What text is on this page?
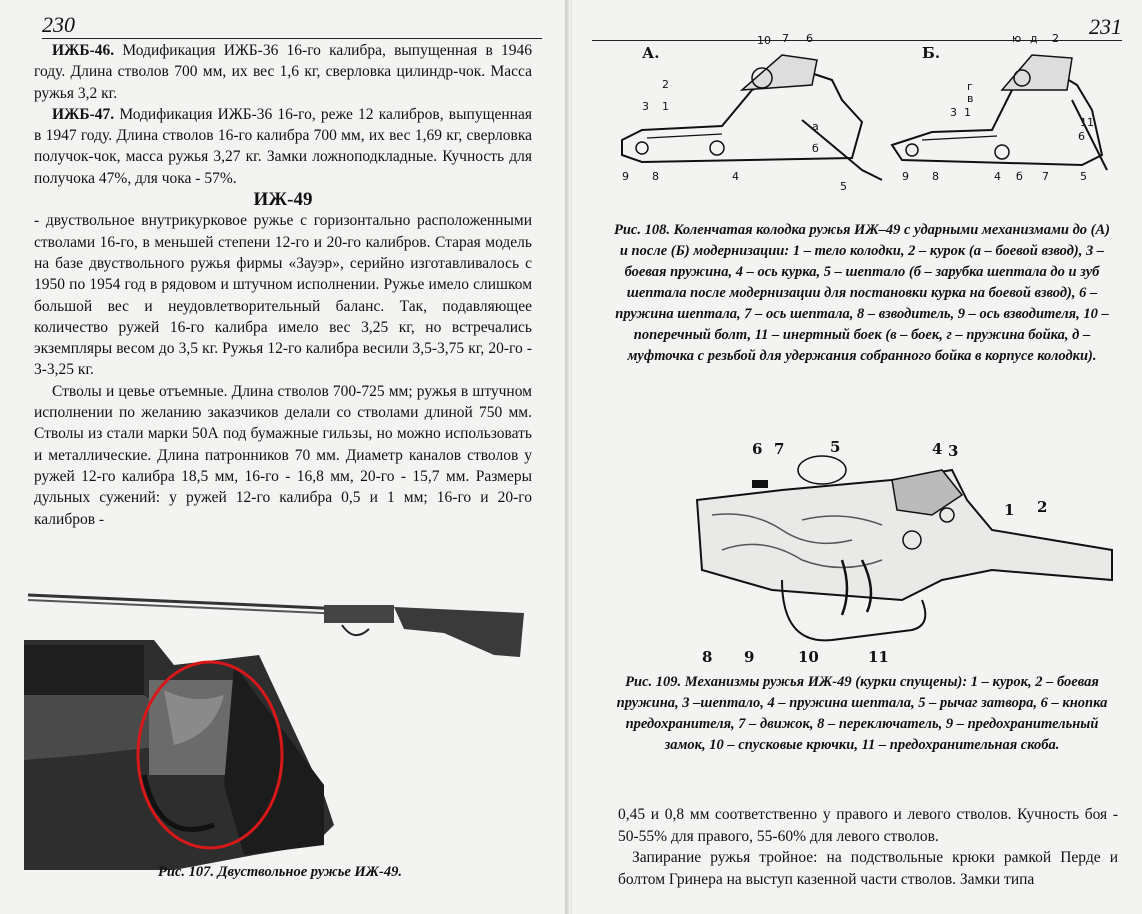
230

ИЖБ-46. Модификация ИЖБ-36 16-го калибра, выпущенная в 1946 году. Длина стволов 700 мм, их вес 1,6 кг, сверловка цилиндр-чок. Масса ружья 3,2 кг.

ИЖБ-47. Модификация ИЖБ-36 16-го, реже 12 калибров, выпущенная в 1947 году. Длина стволов 16-го калибра 700 мм, их вес 1,69 кг, сверловка получок-чок, масса ружья 3,27 кг. Замки ложноподкладные. Кучность для получока 47%, для чока - 57%.

ИЖ-49

- двуствольное внутрикурковое ружье с горизонтально расположенными стволами 16-го, в меньшей степени 12-го и 20-го калибров. Старая модель на базе двуствольного ружья фирмы «Зауэр», серийно изготавливалось с 1950 по 1954 год в рядовом и штучном исполнении. Ружье имело слишком большой вес и неудовлетворительный баланс. Так, подавляющее количество ружей 16-го калибра имело вес 3,25 кг, но встречались экземпляры весом до 3,5 кг. Ружья 12-го калибра весили 3,5-3,75 кг, 20-го - 3-3,25 кг.

Стволы и цевье отъемные. Длина стволов 700-725 мм; ружья в штучном исполнении по желанию заказчиков делали со стволами длиной 750 мм. Стволы из стали марки 50А под бумажные гильзы, но можно использовать и металлические. Длина патронников 70 мм. Диаметр каналов стволов у ружей 12-го калибра 18,5 мм, 16-го - 16,8 мм, 20-го - 15,7 мм. Размеры дульных сужений: у ружей 12-го калибра 0,5 и 1 мм; 16-го и 20-го калибров -

Рис. 107. Двуствольное ружье ИЖ-49.
231
А.	Б.
10 7 6
2
1
3
а
б
9 8	4
5
ю д 2
г
в
1
3
11
6
9 8	4 б 7	5
Рис. 108. Коленчатая колодка ружья ИЖ–49 с ударными механизмами до (А) и после (Б) модернизации: 1 – тело колодки, 2 – курок (а – боевой взвод), 3 – боевая пружина, 4 – ось курка, 5 – шептало (б – зарубка шептала до и зуб шептала после модернизации для постановки курка на боевой взвод), 6 – пружина шептала, 7 – ось шептала, 8 – взводитель, 9 – ось взводителя, 10 – поперечный болт, 11 – инертный боек (в – боек, г – пружина бойка, д – муфточка с резьбой для удержания собранного бойка в корпусе колодки).
6 7	5	4 3
1 2
8 9	10	11
Рис. 109. Механизмы ружья ИЖ-49 (курки спущены): 1 – курок, 2 – боевая пружина, 3 –шептало, 4 – пружина шептала, 5 – рычаг затвора, 6 – кнопка предохранителя, 7 – движок, 8 – переключатель, 9 – предохранительный замок, 10 – спусковые крючки, 11 – предохранительная скоба.

0,45 и 0,8 мм соответственно у правого и левого стволов. Кучность боя - 50-55% для правого, 55-60% для левого стволов.

Запирание ружья тройное: на подствольные крюки рамкой Перде и болтом Гринера на выступ казенной части стволов. Замки типа
